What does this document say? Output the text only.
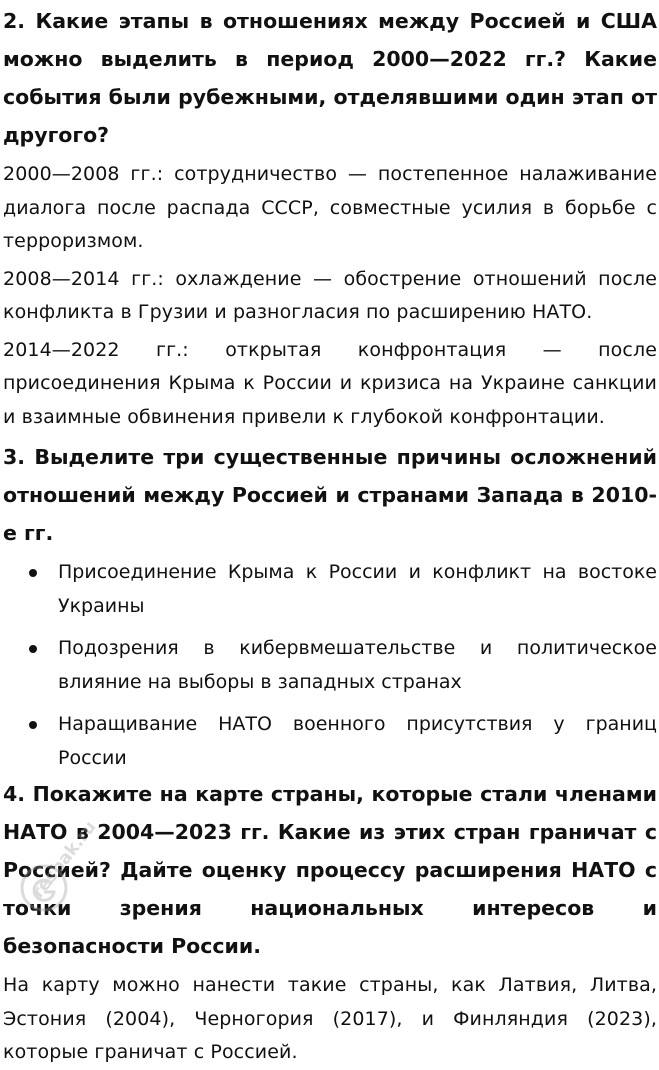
2. Какие этапы в отношениях между Россией и США можно выделить в период 2000—2022 гг.? Какие события были рубежными, отделявшими один этап от другого?

2000—2008 гг.: сотрудничество — постепенное налаживание диалога после распада СССР, совместные усилия в борьбе с терроризмом.

2008—2014 гг.: охлаждение — обострение отношений после конфликта в Грузии и разногласия по расширению НАТО.

2014—2022 гг.: открытая конфронтация — после присоединения Крыма к России и кризиса на Украине санкции и взаимные обвинения привели к глубокой конфронтации.

3. Выделите три существенные причины осложнений отношений между Россией и странами Запада в 2010-е гг.

Присоединение Крыма к России и конфликт на востоке Украины
Подозрения в кибервмешательстве и политическое влияние на выборы в западных странах
Наращивание НАТО военного присутствия у границ России

4. Покажите на карте страны, которые стали членами НАТО в 2004—2023 гг. Какие из этих стран граничат с Россией? Дайте оценку процессу расширения НАТО с точки зрения национальных интересов и безопасности России.

На карту можно нанести такие страны, как Латвия, Литва, Эстония (2004), Черногория (2017), и Финляндия (2023), которые граничат с Россией.

resbak.ru
